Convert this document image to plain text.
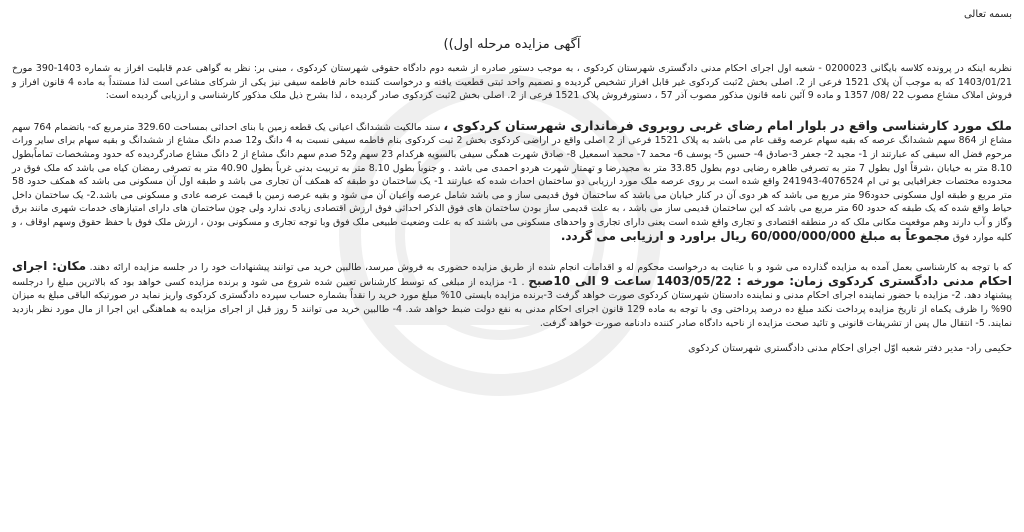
بسمه تعالی
آگهی مزایده مرحله اول))

نظربه اینکه در پرونده کلاسه بایگانی 0200023 - شعبه اول اجرای احکام مدنی دادگستری شهرستان کردکوی ، به موجب دستور صادره از شعبه دوم دادگاه حقوقی شهرستان کردکوی ، مبنی بر: نظر به گواهی عدم قابلیت افراز به شماره 1403-390 مورخ 1403/01/21 که به موجب آن پلاک 1521 فرعی از 2. اصلی بخش 2ثبت کردکوی غیر قابل افراز تشخیص گردیده و تصمیم واحد ثبتی قطعیت یافته و درخواست کننده خانم فاطمه سیفی نیز یکی از شرکای مشاعی است لذا مستنداً به ماده 4 قانون افراز و فروش املاک مشاع مصوب 22 /08/ 1357 و ماده 9 آئین نامه قانون مذکور مصوب آذر 57 ، دستورفروش پلاک 1521 فرعی از 2. اصلی بخش 2ثبت کردکوی صادر گردیده ، لذا بشرح ذیل ملک مذکور کارشناسی و ارزیابی گردیده است:

ملک مورد کارشناسی واقع در بلوار امام رضای غربی روبروی فرمانداری شهرستان کردکوی ، سند مالکیت ششدانگ اعیانی یک قطعه زمین با بنای احداثی بمساحت 329.60 مترمربع که- باتضمام 764 سهم مشاع از 864 سهم ششدانگ عرصه که بقیه سهام عرصه وقف عام می باشد به پلاک 1521 فرعی از 2 اصلی واقع در اراضی کردکوی بخش 2 ثبت کردکوی بنام فاطمه سیفی نسبت به 4 دانگ و12 صدم دانگ مشاع از ششدانگ و بقیه سهام برای سایر وراث مرحوم فضل اله سیفی که عبارتند از 1- مجید 2- جعفر 3-صادق 4- حسین 5- یوسف 6- محمد 7- محمد اسمعیل 8- صادق شهرت همگی سیفی بالسویه هرکدام 23 سهم و52 صدم سهم دانگ مشاع از 2 دانگ مشاع صادرگردیده که حدود ومشخصات تماماًبطول 8.10 متر به خیابان ،شرقاً اول بطول 7 متر به تصرفی طاهره رضایی دوم بطول 33.85 متر به مجیدرضا و تهمتار شهرت هردو احمدی می باشد . و جنوباً بطول 8.10 متر به تربیت بدنی غرباً بطول 40.90 متر به تصرفی رمضان کیاه می باشد که ملک فوق در محدوده مختصات جغرافیایی یو تی ام 4076524-241943 واقع شده است بر روی عرصه ملک مورد ارزیابی دو ساختمان احداث شده که عبارتند 1- یک ساختمان دو طبقه که همکف آن تجاری می باشد و طبقه اول آن مسکونی می باشد که همکف حدود 58 متر مربع و طبقه اول مسکونی حدود96 متر مربع می باشد که هر دوی آن در کنار خیابان می باشد که ساختمان فوق قدیمی ساز و می باشد شامل عرصه واعیان آن می شود و بقیه عرصه زمین با قیمت عرصه عادی و مسکونی می باشد.2- یک ساختمان داخل حیاط واقع شده که یک طبقه که حدود 60 متر مربع می باشد که این ساختمان قدیمی ساز می باشد ، به علت قدیمی ساز بودن ساختمان های فوق الذکر احداثی فوق ارزش اقتصادی زیادی ندارد ولی چون ساختمان های دارای امتیازهای خدمات شهری مانند برق وگاز و آب دارند وهم موقعیت مکانی ملک که در منطقه اقتصادی و تجاری واقع شده است یعنی دارای تجاری و واحدهای مسکونی می باشند که به علت وضعیت طبیعی ملک فوق وبا توجه تجاری و مسکونی بودن ، ارزش ملک فوق با حفظ حقوق وسهم اوقاف ، و کلیه موارد فوق مجموعاً به مبلغ 60/000/000/000 ریال براورد و ارزیابی می گردد.

که با توجه به کارشناسی بعمل آمده به مزایده گذارده می شود و با عنایت به درخواست محکوم له و اقدامات انجام شده از طریق مزایده حضوری به فروش میرسد، طالبین خرید می توانند پیشنهادات خود را در جلسه مزایده ارائه دهند. مکان: اجرای احکام مدنی دادگستری کردکوی زمان: مورخه : 1403/05/22 ساعت 9 الی 10صبح . 1- مزایده از مبلغی که توسط کارشناس تعیین شده شروع می شود و برنده مزایده کسی خواهد بود که بالاترین مبلغ را درجلسه پیشنهاد دهد. 2- مزایده با حضور نماینده اجرای احکام مدنی و نماینده دادستان شهرستان کردکوی صورت خواهد گرفت 3-برنده مزایده بایستی 10% مبلغ مورد خرید را نقداً بشماره حساب سپرده دادگستری کردکوی واریز نماید در صورتیکه الباقی مبلغ به میزان 90% را ظرف یکماه از تاریخ مزایده پرداخت نکند مبلغ ده درصد پرداختی وی با توجه به ماده 129 قانون اجرای احکام مدنی به نفع دولت ضبط خواهد شد. 4- طالبین خرید می توانند 5 روز قبل از اجرای مزایده به هماهنگی این اجرا از مال مورد نظر بازدید نمایند. 5- انتقال مال پس از تشریفات قانونی و تائید صحت مزایده از ناحیه دادگاه صادر کننده دادنامه صورت خواهد گرفت.

حکیمی راد- مدیر دفتر شعبه اوّل اجرای احکام مدنی دادگستری شهرستان کردکوی
